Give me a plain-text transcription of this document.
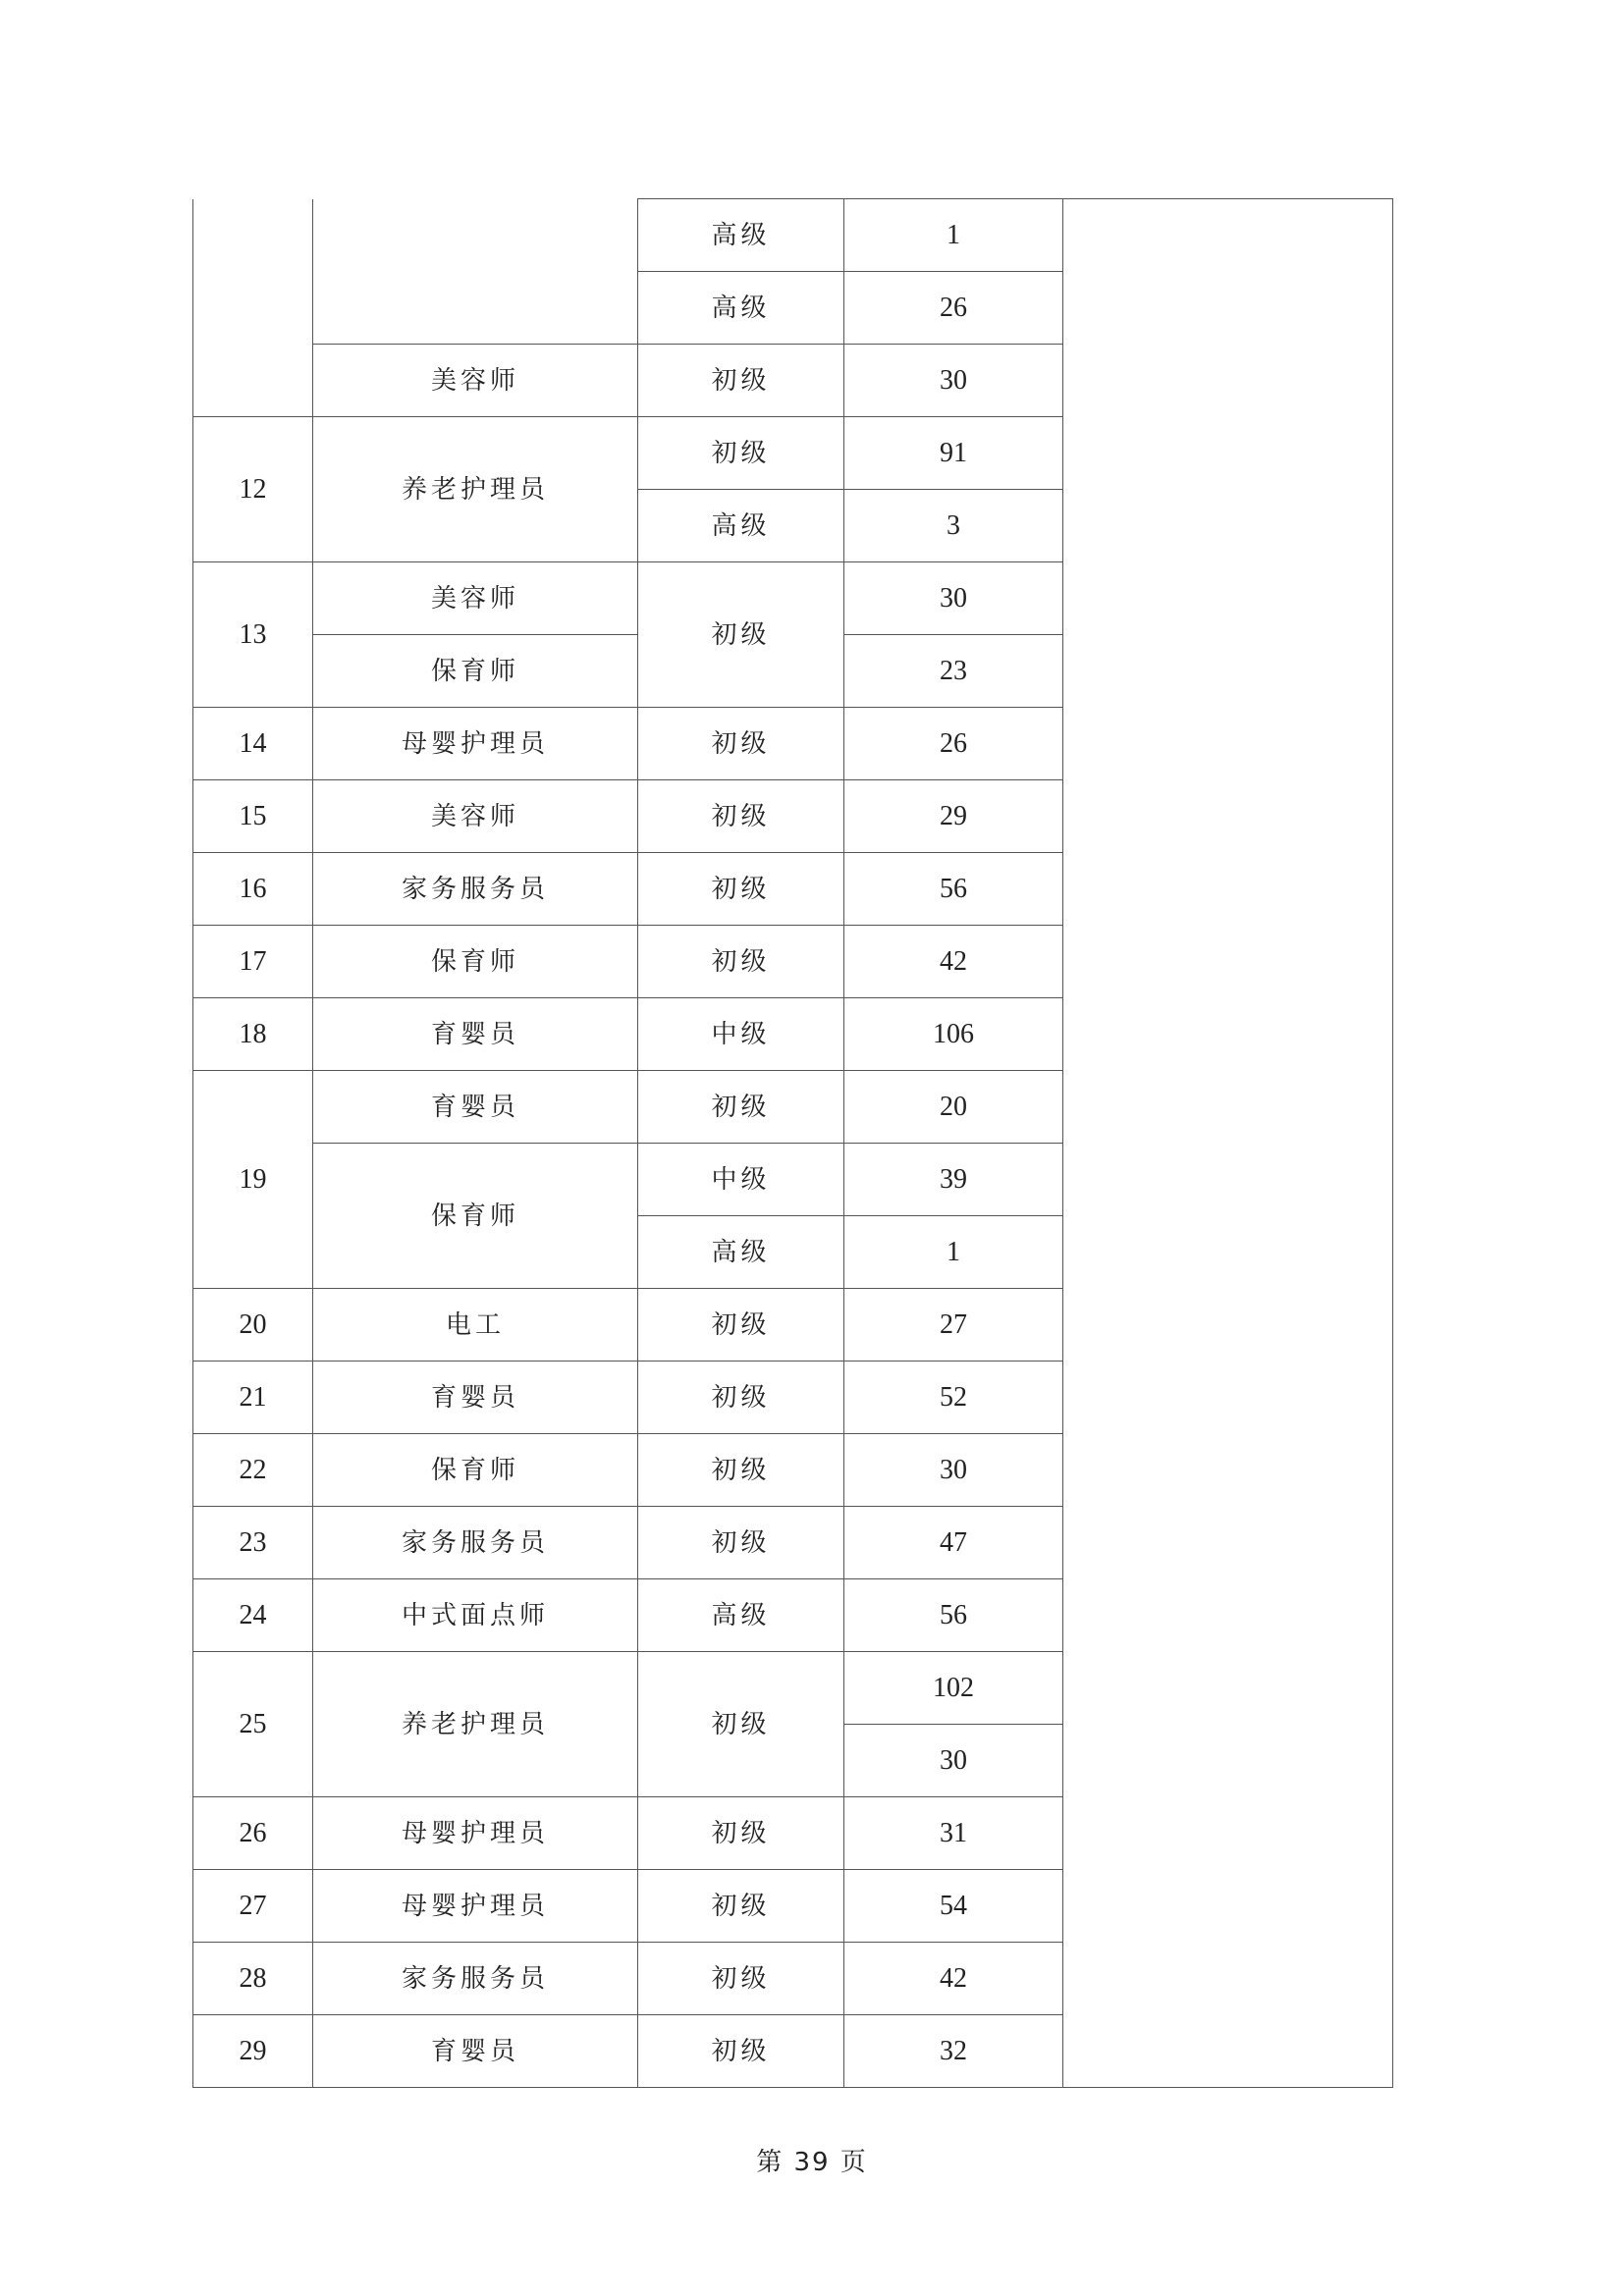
		高级	1	
		高级	26	
	美容师	初级	30	
12	养老护理员	初级	91	
		高级	3	
13	美容师	初级	30	
	保育师		23	
14	母婴护理员	初级	26	
15	美容师	初级	29	
16	家务服务员	初级	56	
17	保育师	初级	42	
18	育婴员	中级	106	
19	育婴员	初级	20	
	保育师	中级	39	
		高级	1	
20	电工	初级	27	
21	育婴员	初级	52	
22	保育师	初级	30	
23	家务服务员	初级	47	
24	中式面点师	高级	56	
25	养老护理员	初级	102	
			30	
26	母婴护理员	初级	31	
27	母婴护理员	初级	54	
28	家务服务员	初级	42	
29	育婴员	初级	32	
第 39 页
